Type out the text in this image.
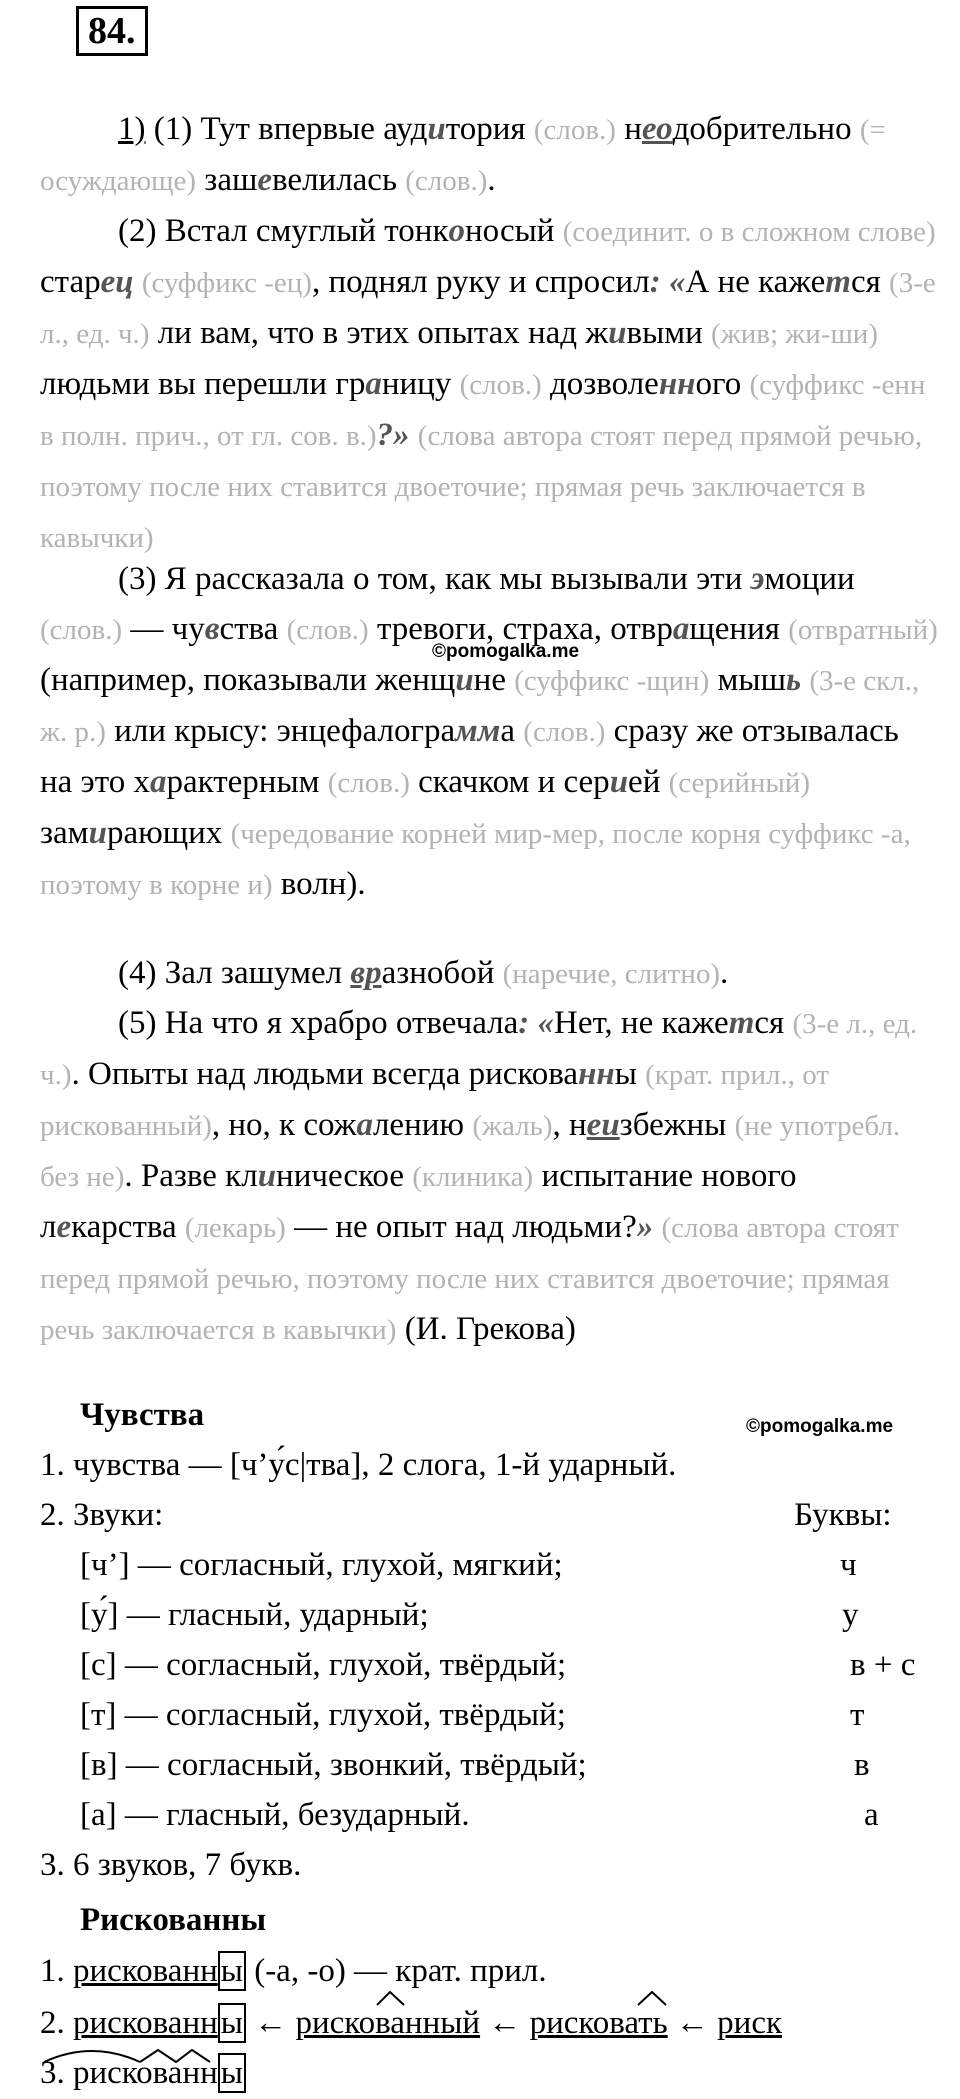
84.
1) (1) Тут впервые аудитория (слов.) неодобрительно (= осуждающе) зашевелилась (слов.).
(2) Встал смуглый тонконосый (соединит. о в сложном слове) старец (суффикс -ец), поднял руку и спросил: «А не кажется (3-е л., ед. ч.) ли вам, что в этих опытах над живыми (жив; жи-ши) людьми вы перешли границу (слов.) дозволенного (суффикс -енн в полн. прич., от гл. сов. в.)?» (слова автора стоят перед прямой речью, поэтому после них ставится двоеточие; прямая речь заключается в кавычки)
(3) Я рассказала о том, как мы вызывали эти эмоции (слов.) — чувства (слов.) тревоги, страха, отвращения (отвратный) (например, показывали женщине (суффикс -щин) мышь (3-е скл., ж. р.) или крысу: энцефалограмма (слов.) сразу же отзывалась на это характерным (слов.) скачком и серией (серийный) замирающих (чередование корней мир-мер, после корня суффикс -а, поэтому в корне и) волн).
©pomogalka.me
(4) Зал зашумел вразнобой (наречие, слитно).
(5) На что я храбро отвечала: «Нет, не кажется (3-е л., ед. ч.). Опыты над людьми всегда рискованны (крат. прил., от рискованный), но, к сожалению (жаль), неизбежны (не употребл. без не). Разве клиническое (клиника) испытание нового лекарства (лекарь) — не опыт над людьми?» (слова автора стоят перед прямой речью, поэтому после них ставится двоеточие; прямая речь заключается в кавычки) (И. Грекова)
Чувства	©pomogalka.me
1. чувства — [ч’у́с|тва], 2 слога, 1-й ударный.
2. Звуки:	Буквы:
[ч’] — согласный, глухой, мягкий;	ч
[у́] — гласный, ударный;	у
[с] — согласный, глухой, твёрдый;	в + с
[т] — согласный, глухой, твёрдый;	т
[в] — согласный, звонкий, твёрдый;	в
[а] — гласный, безударный.	а
3. 6 звуков, 7 букв.
Рискованны
1. рискованны (-а, -о) — крат. прил.
2. рискованны ← рискованный ← рисковать ← риск
3. рискованны
